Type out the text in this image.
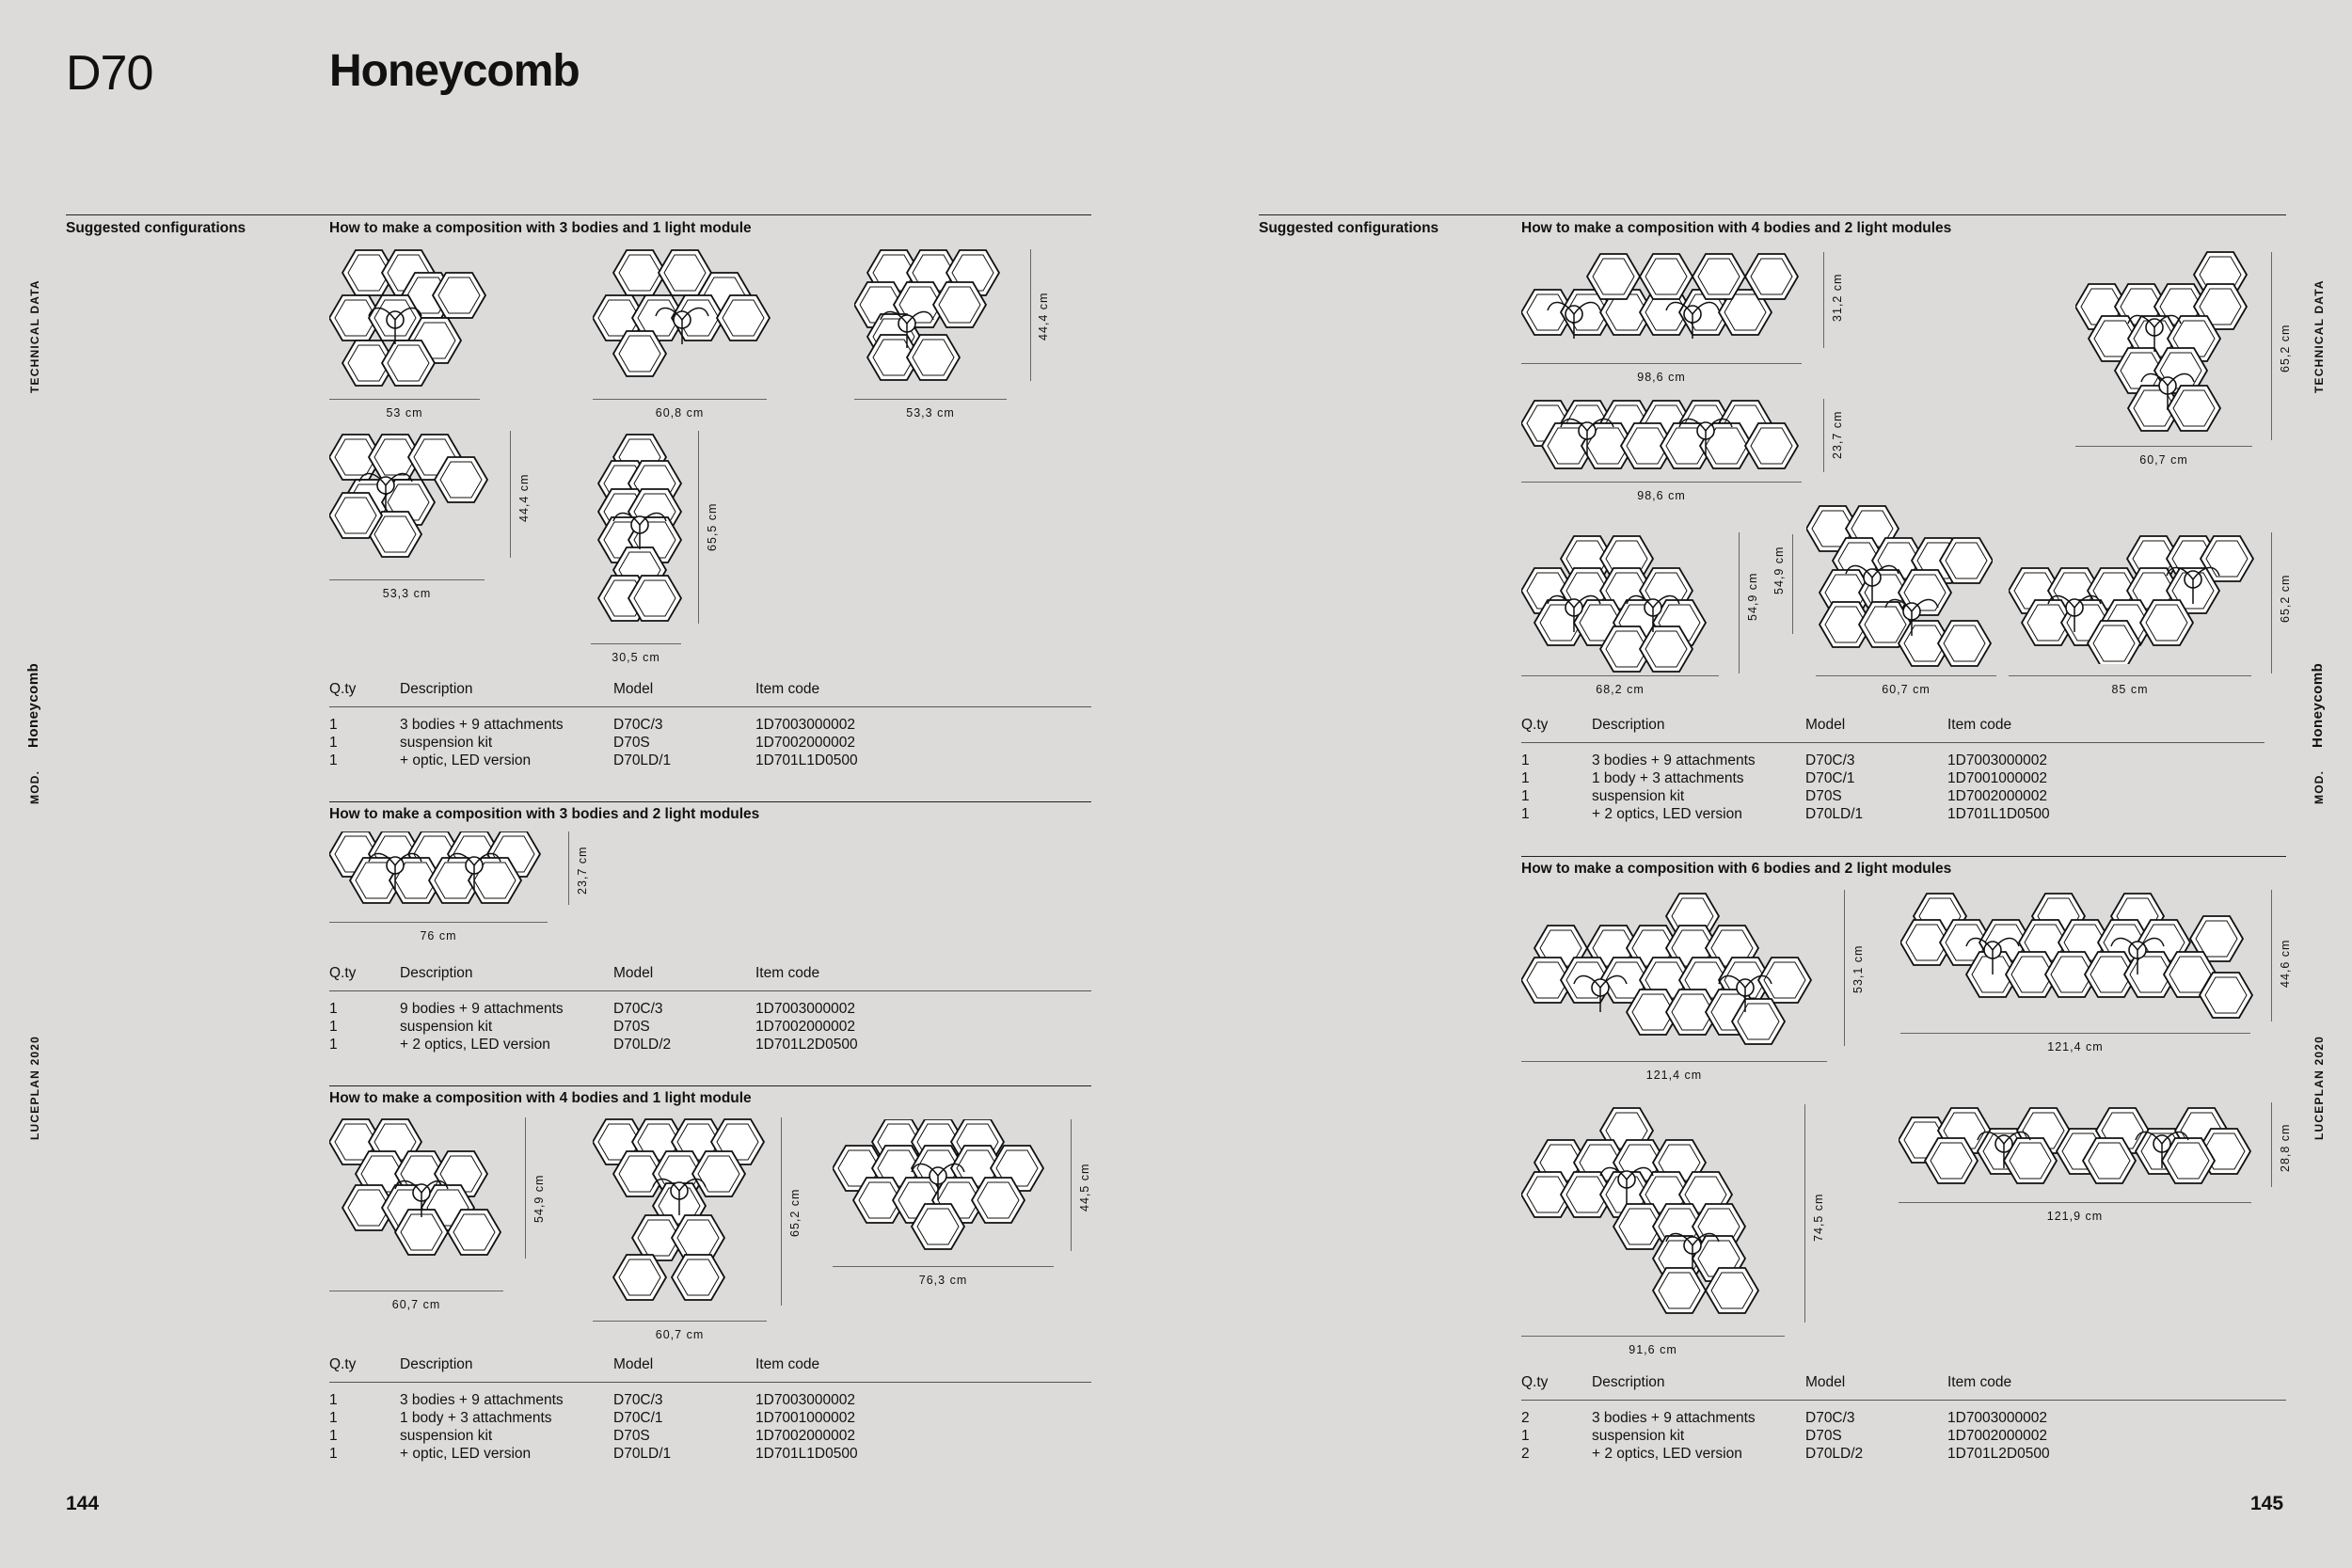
D70	Honeycomb
TECHNICAL DATA
MOD.
Honeycomb
LUCEPLAN 2020
TECHNICAL DATA
MOD.
Honeycomb
LUCEPLAN 2020
144	145
Suggested configurations	How to make a composition with 3 bodies and 1 light module
53 cm	60,8 cm	53,3 cm
44,4 cm
53,3 cm
44,4 cm
30,5 cm
65,5 cm
Q.ty	Description	Model	Item code
1	3 bodies + 9 attachments	D70C/3	1D7003000002
1	suspension kit	D70S	1D7002000002
1	+ optic, LED version	D70LD/1	1D701L1D0500
How to make a composition with 3 bodies and 2 light modules
76 cm
23,7 cm
Q.ty	Description	Model	Item code
1	9 bodies + 9 attachments	D70C/3	1D7003000002
1	suspension kit	D70S	1D7002000002
1	+ 2 optics, LED version	D70LD/2	1D701L2D0500
How to make a composition with 4 bodies and 1 light module
60,7 cm
54,9 cm
60,7 cm
65,2 cm
76,3 cm
44,5 cm
Q.ty	Description	Model	Item code
1	3 bodies + 9 attachments	D70C/3	1D7003000002
1	1 body + 3 attachments	D70C/1	1D7001000002
1	suspension kit	D70S	1D7002000002
1	+ optic, LED version	D70LD/1	1D701L1D0500
Suggested configurations	How to make a composition with 4 bodies and 2 light modules
98,6 cm
31,2 cm
98,6 cm
23,7 cm
60,7 cm
65,2 cm
68,2 cm
54,9 cm
54,9 cm
60,7 cm	85 cm
65,2 cm
Q.ty	Description	Model	Item code
1	3 bodies + 9 attachments	D70C/3	1D7003000002
1	1 body + 3 attachments	D70C/1	1D7001000002
1	suspension kit	D70S	1D7002000002
1	+ 2 optics, LED version	D70LD/1	1D701L1D0500
How to make a composition with 6 bodies and 2 light modules
121,4 cm
53,1 cm
121,4 cm
44,6 cm
91,6 cm
74,5 cm	121,9 cm
28,8 cm
Q.ty	Description	Model	Item code
2	3 bodies + 9 attachments	D70C/3	1D7003000002
1	suspension kit	D70S	1D7002000002
2	+ 2 optics, LED version	D70LD/2	1D701L2D0500
